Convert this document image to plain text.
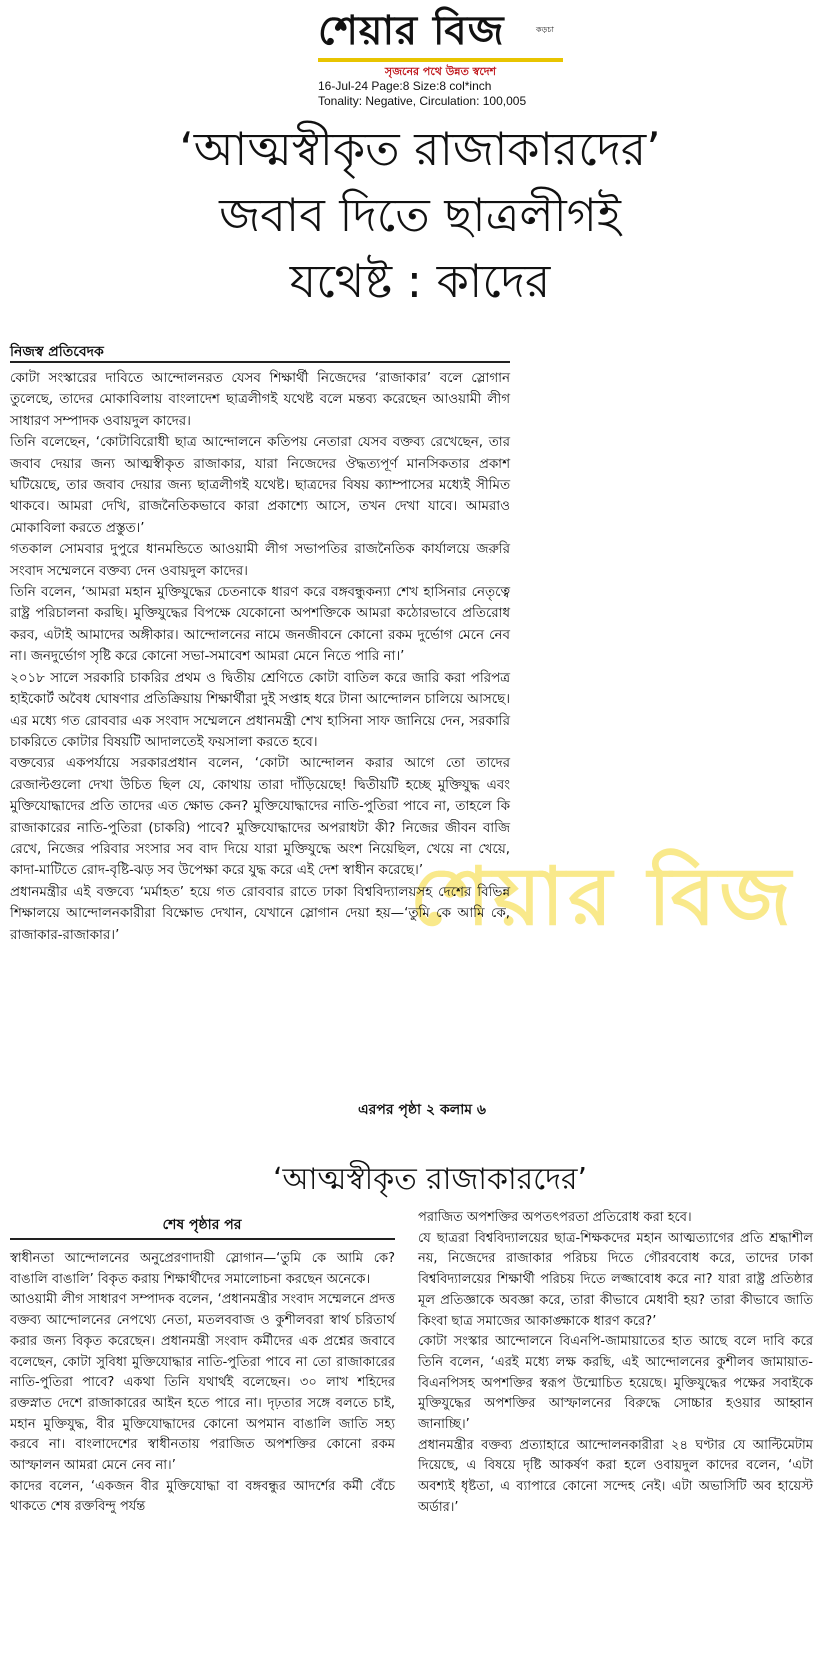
শেয়ার বিজ	কড়চা
সৃজনের পথে উন্নত স্বদেশ
16-Jul-24 Page:8 Size:8 col*inch
Tonality: Negative, Circulation: 100,005
‘আত্মস্বীকৃত রাজাকারদের’
জবাব দিতে ছাত্রলীগই
যথেষ্ট : কাদের
নিজস্ব প্রতিবেদক
শেয়ার বিজ

কোটা সংস্কারের দাবিতে আন্দোলনরত যেসব শিক্ষার্থী নিজেদের ‘রাজাকার’ বলে স্লোগান তুলেছে, তাদের মোকাবিলায় বাংলাদেশ ছাত্রলীগই যথেষ্ট বলে মন্তব্য করেছেন আওয়ামী লীগ সাধারণ সম্পাদক ওবায়দুল কাদের।

তিনি বলেছেন, ‘কোটাবিরোধী ছাত্র আন্দোলনে কতিপয় নেতারা যেসব বক্তব্য রেখেছেন, তার জবাব দেয়ার জন্য আত্মস্বীকৃত রাজাকার, যারা নিজেদের ঔদ্ধত্যপূর্ণ মানসিকতার প্রকাশ ঘটিয়েছে, তার জবাব দেয়ার জন্য ছাত্রলীগই যথেষ্ট। ছাত্রদের বিষয় ক্যাম্পাসের মধ্যেই সীমিত থাকবে। আমরা দেখি, রাজনৈতিকভাবে কারা প্রকাশ্যে আসে, তখন দেখা যাবে। আমরাও মোকাবিলা করতে প্রস্তুত।’

গতকাল সোমবার দুপুরে ধানমন্ডিতে আওয়ামী লীগ সভাপতির রাজনৈতিক কার্যালয়ে জরুরি সংবাদ সম্মেলনে বক্তব্য দেন ওবায়দুল কাদের।

তিনি বলেন, ‘আমরা মহান মুক্তিযুদ্ধের চেতনাকে ধারণ করে বঙ্গবন্ধুকন্যা শেখ হাসিনার নেতৃত্বে রাষ্ট্র পরিচালনা করছি। মুক্তিযুদ্ধের বিপক্ষে যেকোনো অপশক্তিকে আমরা কঠোরভাবে প্রতিরোধ করব, এটাই আমাদের অঙ্গীকার। আন্দোলনের নামে জনজীবনে কোনো রকম দুর্ভোগ মেনে নেব না। জনদুর্ভোগ সৃষ্টি করে কোনো সভা-সমাবেশ আমরা মেনে নিতে পারি না।’

২০১৮ সালে সরকারি চাকরির প্রথম ও দ্বিতীয় শ্রেণিতে কোটা বাতিল করে জারি করা পরিপত্র হাইকোর্ট অবৈধ ঘোষণার প্রতিক্রিয়ায় শিক্ষার্থীরা দুই সপ্তাহ ধরে টানা আন্দোলন চালিয়ে আসছে। এর মধ্যে গত রোববার এক সংবাদ সম্মেলনে প্রধানমন্ত্রী শেখ হাসিনা সাফ জানিয়ে দেন, সরকারি চাকরিতে কোটার বিষয়টি আদালতেই ফয়সালা করতে হবে।

বক্তব্যের একপর্যায়ে সরকারপ্রধান বলেন, ‘কোটা আন্দোলন করার আগে তো তাদের রেজাল্টগুলো দেখা উচিত ছিল যে, কোথায় তারা দাঁড়িয়েছে! দ্বিতীয়টি হচ্ছে মুক্তিযুদ্ধ এবং মুক্তিযোদ্ধাদের প্রতি তাদের এত ক্ষোভ কেন? মুক্তিযোদ্ধাদের নাতি-পুতিরা পাবে না, তাহলে কি রাজাকারের নাতি-পুতিরা (চাকরি) পাবে? মুক্তিযোদ্ধাদের অপরাধটা কী? নিজের জীবন বাজি রেখে, নিজের পরিবার সংসার সব বাদ দিয়ে যারা মুক্তিযুদ্ধে অংশ নিয়েছিল, খেয়ে না খেয়ে, কাদা-মাটিতে রোদ-বৃষ্টি-ঝড় সব উপেক্ষা করে যুদ্ধ করে এই দেশ স্বাধীন করেছে।’

প্রধানমন্ত্রীর এই বক্তব্যে ‘মর্মাহত’ হয়ে গত রোববার রাতে ঢাকা বিশ্ববিদ্যালয়সহ দেশের বিভিন্ন শিক্ষালয়ে আন্দোলনকারীরা বিক্ষোভ দেখান, যেখানে স্লোগান দেয়া হয়—‘তুমি কে আমি কে, রাজাকার-রাজাকার।’

এরপর পৃষ্ঠা ২ কলাম ৬
‘আত্মস্বীকৃত রাজাকারদের’
শেষ পৃষ্ঠার পর

স্বাধীনতা আন্দোলনের অনুপ্রেরণাদায়ী স্লোগান—‘তুমি কে আমি কে? বাঙালি বাঙালি’ বিকৃত করায় শিক্ষার্থীদের সমালোচনা করছেন অনেকে।

আওয়ামী লীগ সাধারণ সম্পাদক বলেন, ‘প্রধানমন্ত্রীর সংবাদ সম্মেলনে প্রদত্ত বক্তব্য আন্দোলনের নেপথ্যে নেতা, মতলববাজ ও কুশীলবরা স্বার্থ চরিতার্থ করার জন্য বিকৃত করেছেন। প্রধানমন্ত্রী সংবাদ কর্মীদের এক প্রশ্নের জবাবে বলেছেন, কোটা সুবিধা মুক্তিযোদ্ধার নাতি-পুতিরা পাবে না তো রাজাকারের নাতি-পুতিরা পাবে? একথা তিনি যথার্থই বলেছেন। ৩০ লাখ শহিদের রক্তস্নাত দেশে রাজাকারের আইন হতে পারে না। দৃঢ়তার সঙ্গে বলতে চাই, মহান মুক্তিযুদ্ধ, বীর মুক্তিযোদ্ধাদের কোনো অপমান বাঙালি জাতি সহ্য করবে না। বাংলাদেশের স্বাধীনতায় পরাজিত অপশক্তির কোনো রকম আস্ফালন আমরা মেনে নেব না।’

কাদের বলেন, ‘একজন বীর মুক্তিযোদ্ধা বা বঙ্গবন্ধুর আদর্শের কর্মী বেঁচে থাকতে শেষ রক্তবিন্দু পর্যন্ত

পরাজিত অপশক্তির অপতৎপরতা প্রতিরোধ করা হবে।

যে ছাত্ররা বিশ্ববিদ্যালয়ের ছাত্র-শিক্ষকদের মহান আত্মত্যাগের প্রতি শ্রদ্ধাশীল নয়, নিজেদের রাজাকার পরিচয় দিতে গৌরববোধ করে, তাদের ঢাকা বিশ্ববিদ্যালয়ের শিক্ষার্থী পরিচয় দিতে লজ্জাবোধ করে না? যারা রাষ্ট্র প্রতিষ্ঠার মূল প্রতিজ্ঞাকে অবজ্ঞা করে, তারা কীভাবে মেধাবী হয়? তারা কীভাবে জাতি কিংবা ছাত্র সমাজের আকাঙ্ক্ষাকে ধারণ করে?’

কোটা সংস্কার আন্দোলনে বিএনপি-জামায়াতের হাত আছে বলে দাবি করে তিনি বলেন, ‘এরই মধ্যে লক্ষ করছি, এই আন্দোলনের কুশীলব জামায়াত-বিএনপিসহ অপশক্তির স্বরূপ উন্মোচিত হয়েছে। মুক্তিযুদ্ধের পক্ষের সবাইকে মুক্তিযুদ্ধের অপশক্তির আস্ফালনের বিরুদ্ধে সোচ্চার হওয়ার আহ্বান জানাচ্ছি।’

প্রধানমন্ত্রীর বক্তব্য প্রত্যাহারে আন্দোলনকারীরা ২৪ ঘণ্টার যে আল্টিমেটাম দিয়েছে, এ বিষয়ে দৃষ্টি আকর্ষণ করা হলে ওবায়দুল কাদের বলেন, ‘এটা অবশ্যই ধৃষ্টতা, এ ব্যাপারে কোনো সন্দেহ নেই। এটা অভাসিটি অব হায়েস্ট অর্ডার।’
